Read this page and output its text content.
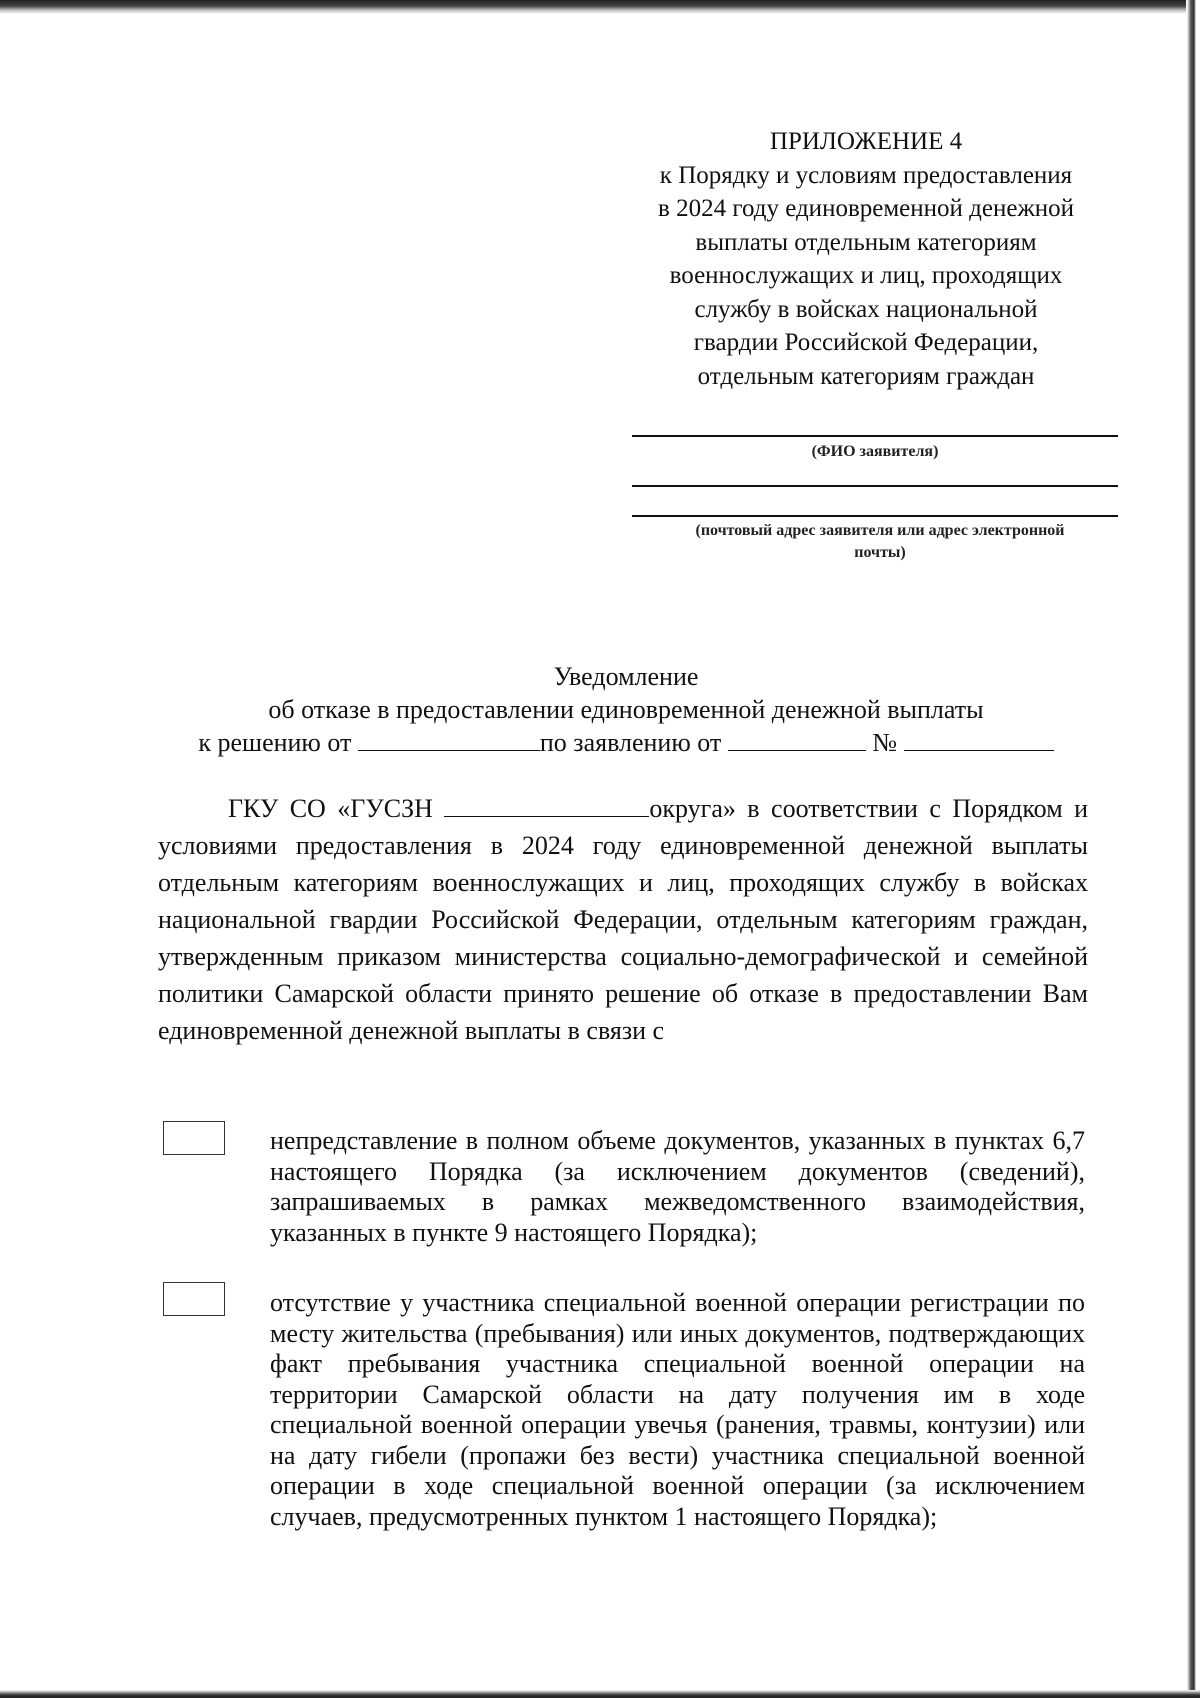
ПРИЛОЖЕНИЕ 4
к Порядку и условиям предоставления
в 2024 году единовременной денежной
выплаты отдельным категориям
военнослужащих и лиц, проходящих
службу в войсках национальной
гвардии Российской Федерации,
отдельным категориям граждан
(ФИО заявителя)
(почтовый адрес заявителя или адрес электронной
почты)
Уведомление
об отказе в предоставлении единовременной денежной выплаты
к решению от	по заявлению от	№
ГКУ СО «ГУСЗН	округа» в соответствии с Порядком и условиями предоставления в 2024 году единовременной денежной выплаты отдельным категориям военнослужащих и лиц, проходящих службу в войсках национальной гвардии Российской Федерации, отдельным категориям граждан, утвержденным приказом министерства социально-демографической и семейной политики Самарской области принято решение об отказе в предоставлении Вам единовременной денежной выплаты в связи с
непредставление в полном объеме документов, указанных в пунктах 6,7 настоящего Порядка (за исключением документов (сведений), запрашиваемых в рамках межведомственного взаимодействия, указанных в пункте 9 настоящего Порядка);
отсутствие у участника специальной военной операции регистрации по месту жительства (пребывания) или иных документов, подтверждающих факт пребывания участника специальной военной операции на территории Самарской области на дату получения им в ходе специальной военной операции увечья (ранения, травмы, контузии) или на дату гибели (пропажи без вести) участника специальной военной операции в ходе специальной военной операции (за исключением случаев, предусмотренных пунктом 1 настоящего Порядка);
